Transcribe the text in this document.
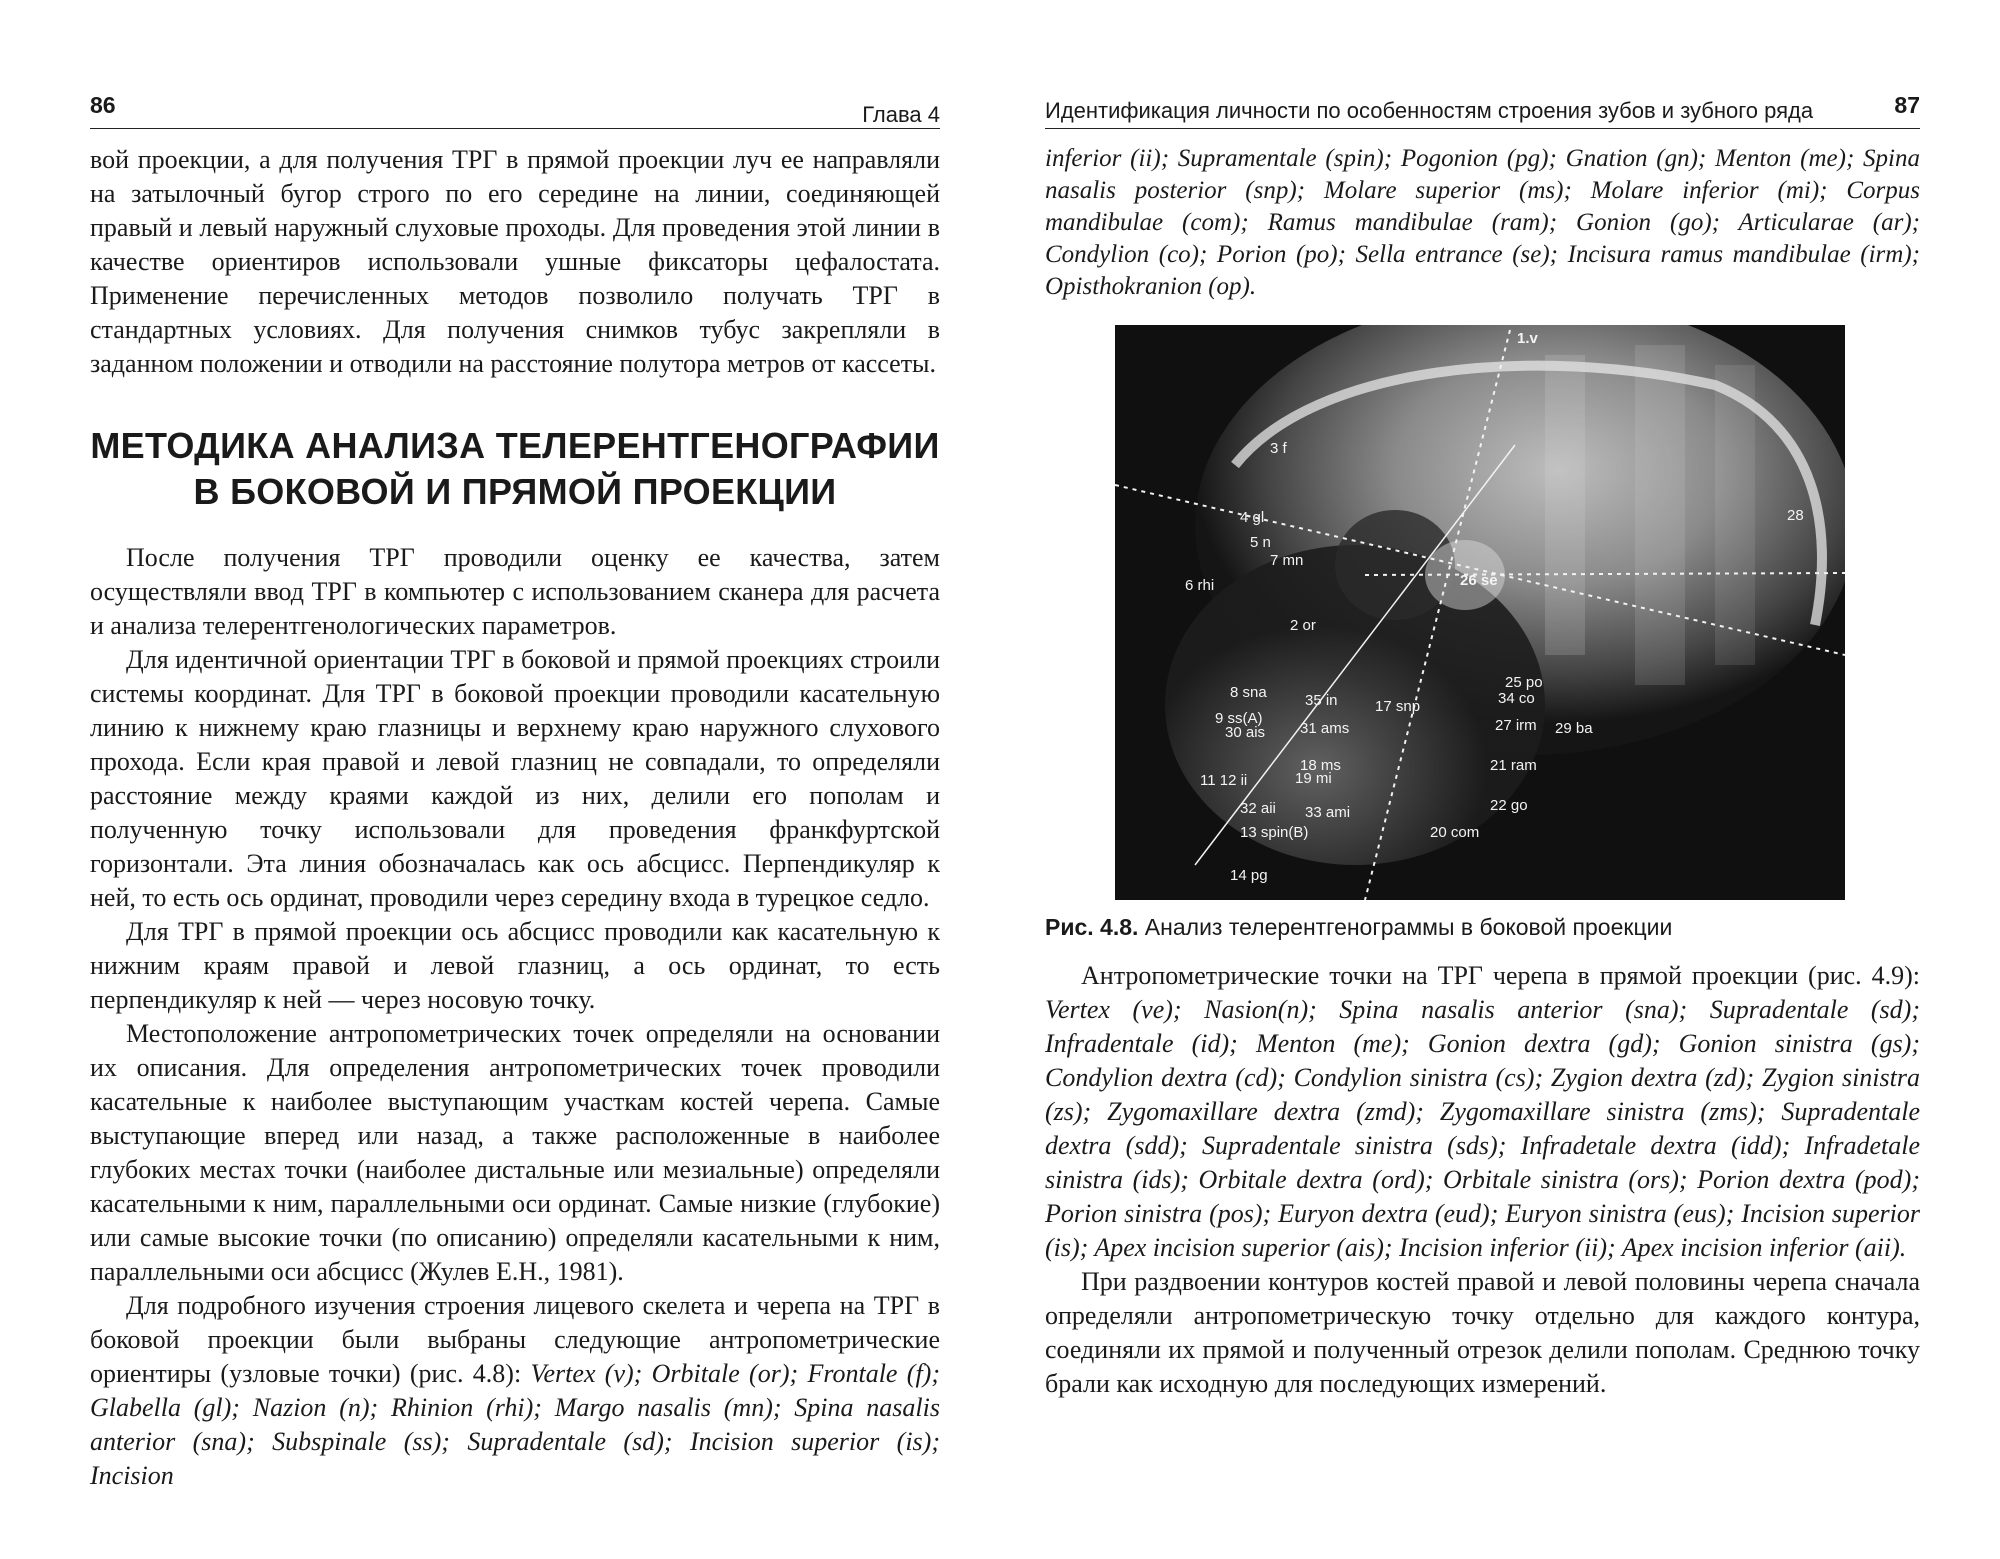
86	Глава 4

вой проекции, а для получения ТРГ в прямой проекции луч ее направляли на затылочный бугор строго по его середине на линии, соединяющей правый и левый наружный слуховые проходы. Для проведения этой линии в качестве ориентиров использовали ушные фиксаторы цефалостата. Применение перечисленных методов позволило получать ТРГ в стандартных условиях. Для получения снимков тубус закрепляли в заданном положении и отводили на расстояние полутора метров от кассеты.

МЕТОДИКА АНАЛИЗА ТЕЛЕРЕНТГЕНОГРАФИИ
В БОКОВОЙ И ПРЯМОЙ ПРОЕКЦИИ

После получения ТРГ проводили оценку ее качества, затем осуществляли ввод ТРГ в компьютер с использованием сканера для расчета и анализа телерентгенологических параметров.

Для идентичной ориентации ТРГ в боковой и прямой проекциях строили системы координат. Для ТРГ в боковой проекции проводили касательную линию к нижнему краю глазницы и верхнему краю наружного слухового прохода. Если края правой и левой глазниц не совпадали, то определяли расстояние между краями каждой из них, делили его пополам и полученную точку использовали для проведения франкфуртской горизонтали. Эта линия обозначалась как ось абсцисс. Перпендикуляр к ней, то есть ось ординат, проводили через середину входа в турецкое седло.

Для ТРГ в прямой проекции ось абсцисс проводили как касательную к нижним краям правой и левой глазниц, а ось ординат, то есть перпендикуляр к ней — через носовую точку.

Местоположение антропометрических точек определяли на основании их описания. Для определения антропометрических точек проводили касательные к наиболее выступающим участкам костей черепа. Самые выступающие вперед или назад, а также расположенные в наиболее глубоких местах точки (наиболее дистальные или мезиальные) определяли касательными к ним, параллельными оси ординат. Самые низкие (глубокие) или самые высокие точки (по описанию) определяли касательными к ним, параллельными оси абсцисс (Жулев Е.Н., 1981).

Для подробного изучения строения лицевого скелета и черепа на ТРГ в боковой проекции были выбраны следующие антропометрические ориентиры (узловые точки) (рис. 4.8): Vertex (v); Orbitale (or); Frontale (f); Glabella (gl); Nazion (n); Rhinion (rhi); Margo nasalis (mn); Spina nasalis anterior (sna); Subspinale (ss); Supradentale (sd); Incision superior (is); Incision

Идентификация личности по особенностям строения зубов и зубного ряда	87

inferior (ii); Supramentale (spin); Pogonion (pg); Gnation (gn); Menton (me); Spina nasalis posterior (snp); Molare superior (ms); Molare inferior (mi); Corpus mandibulae (com); Ramus mandibulae (ram); Gonion (go); Articularae (ar); Condylion (co); Porion (po); Sella entrance (se); Incisura ramus mandibulae (irm); Opisthokranion (op).

1.v
3 f
28
4 gl
5 n
7 mn
26 se
6 rhi
2 or
25 po
34 co
8 sna	35 in 17 snp
9 ss(A)
30 ais 31 ams	27 irm 29 ba
18 ms
19 mi
21 ram
11 12 ii
32 aii 33 ami	22 go
13 spin(B)	20 com
14 pg
Рис. 4.8. Анализ телерентгенограммы в боковой проекции

Антропометрические точки на ТРГ черепа в прямой проекции (рис. 4.9): Vertex (ve); Nasion(n); Spina nasalis anterior (sna); Supradentale (sd); Infradentale (id); Menton (me); Gonion dextra (gd); Gonion sinistra (gs); Condylion dextra (cd); Condylion sinistra (cs); Zygion dextra (zd); Zygion sinistra (zs); Zygomaxillare dextra (zmd); Zygomaxillare sinistra (zms); Supradentale dextra (sdd); Supradentale sinistra (sds); Infradetale dextra (idd); Infradetale sinistra (ids); Orbitale dextra (ord); Orbitale sinistra (ors); Porion dextra (pod); Porion sinistra (pos); Euryon dextra (eud); Euryon sinistra (eus); Incision superior (is); Apex incision superior (ais); Incision inferior (ii); Apex incision inferior (aii).

При раздвоении контуров костей правой и левой половины черепа сначала определяли антропометрическую точку отдельно для каждого контура, соединяли их прямой и полученный отрезок делили пополам. Среднюю точку брали как исходную для последующих измерений.
